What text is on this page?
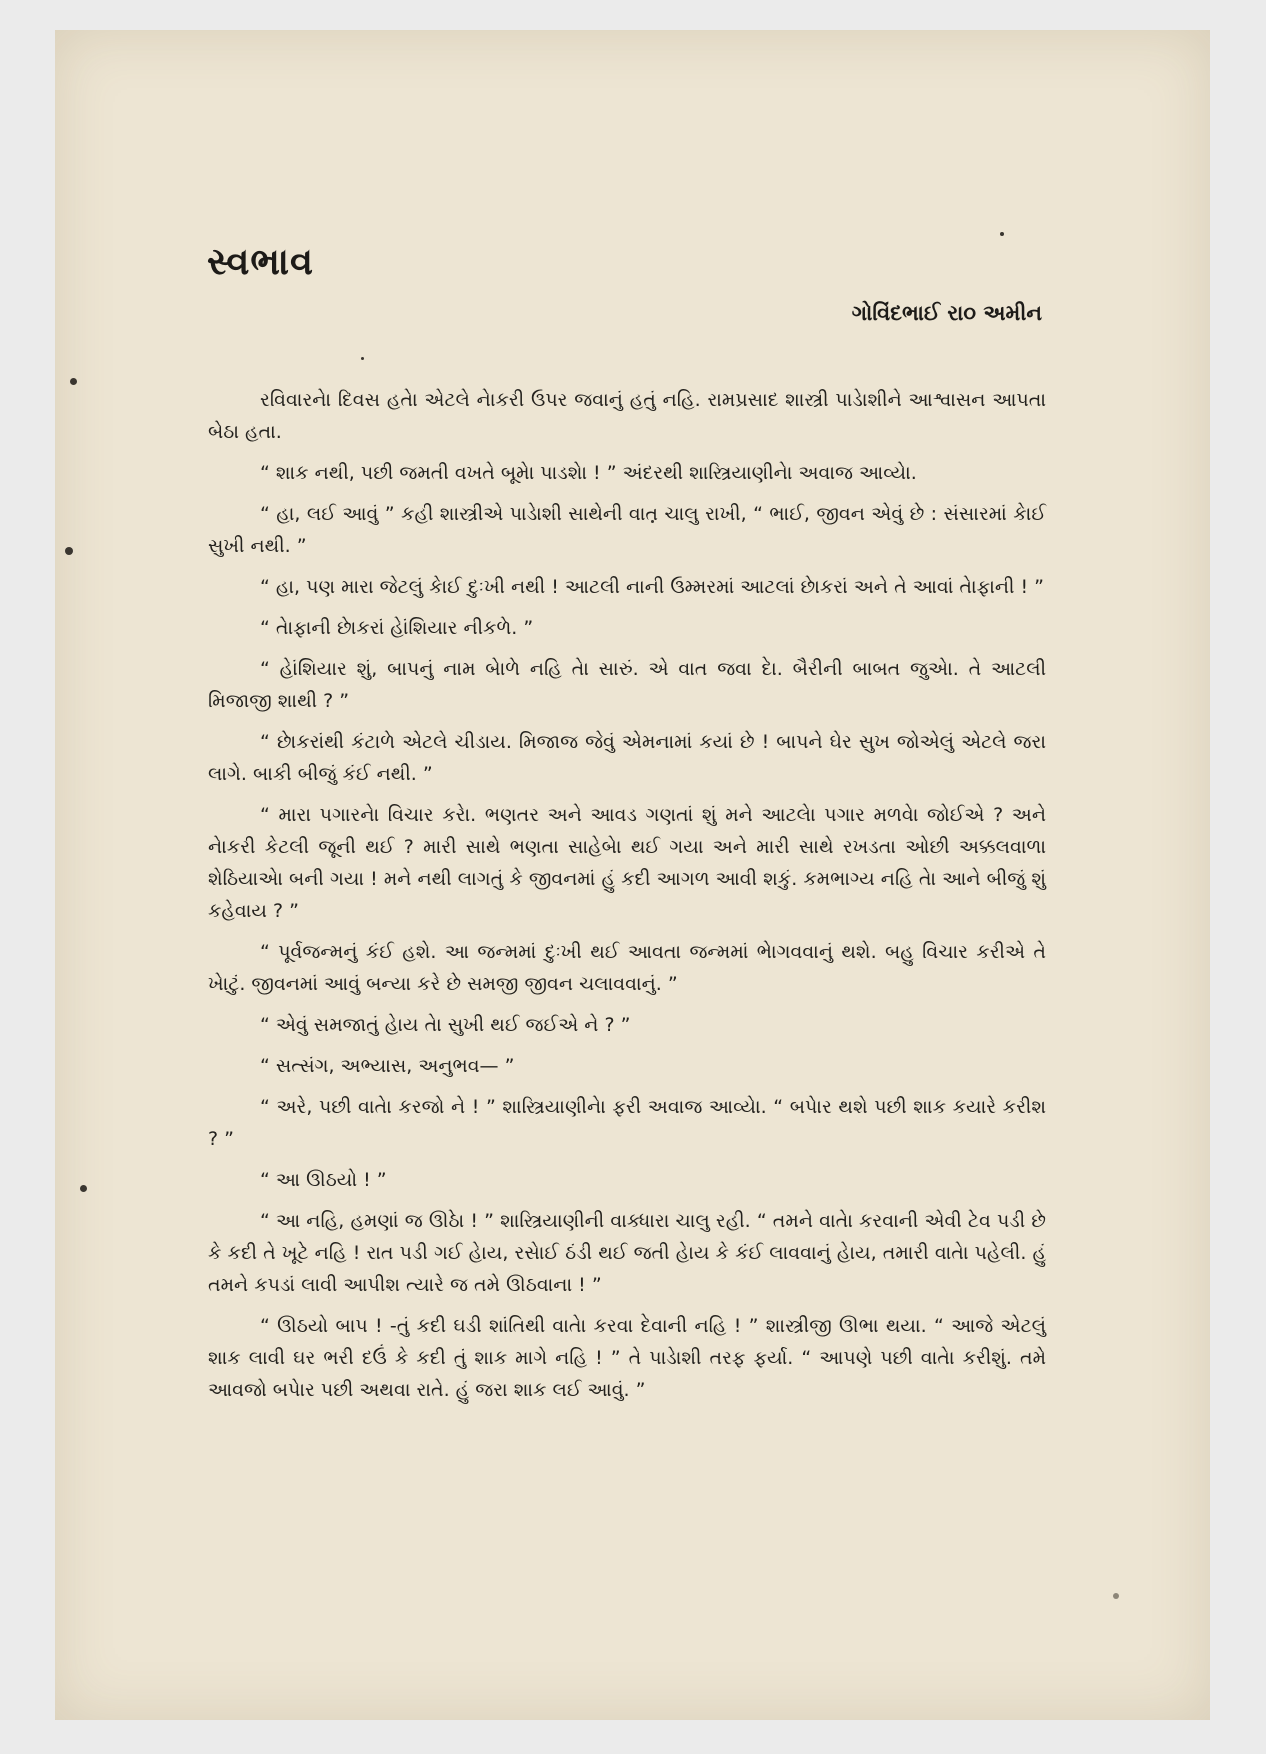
સ્વભાવ

ગોવિંદભાઈ રા૦ અમીન

રવિવારનેા દિવસ હતેા એટલે નેાકરી ઉપર જવાનું હતું નહિ. રામપ્રસાદ શાસ્ત્રી પાડેાશીને આશ્વાસન આપતા બેઠા હતા.

“ શાક નથી, પછી જમતી વખતે બૂમેા પાડશેા ! ” અંદરથી શાસ્ત્રિયાણીનેા અવાજ આવ્યેા.

“ હા, લઈ આવું ” કહી શાસ્ત્રીએ પાડેાશી સાથેની વાત ચાલુ રાખી, “ ભાઈ, જીવન એવું છે : સંસારમાં કેાઈ સુખી નથી. ”

“ હા, પણ મારા જેટલું કેાઈ દુઃખી નથી ! આટલી નાની ઉમ્મરમાં આટલાં છેાકરાં અને તે આવાં તેાફાની ! ”

“ તેાફાની છેાકરાં હેાંશિયાર નીકળે. ”

“ હેાંશિયાર શું, બાપનું નામ બેાળે નહિ તેા સારું. એ વાત જવા દેા. બૈરીની બાબત જુએા. તે આટલી મિજાજી શાથી ? ”

“ છેાકરાંથી કંટાળે એટલે ચીડાય. મિજાજ જેવું એમનામાં કયાં છે ! બાપને ઘેર સુખ જોએલું એટલે જરા લાગે. બાકી બીજું કંઈ નથી. ”

“ મારા પગારનેા વિચાર કરેા. ભણતર અને આવડ ગણતાં શું મને આટલેા પગાર મળવેા જોઈએ ? અને નેાકરી કેટલી જૂની થઈ ? મારી સાથે ભણતા સાહેબેા થઈ ગયા અને મારી સાથે રખડતા ઓછી અક્કલવાળા શેઠિયાએા બની ગયા ! મને નથી લાગતું કે જીવનમાં હું કદી આગળ આવી શકું. કમભાગ્ય નહિ તેા આને બીજું શું કહેવાય ? ”

“ પૂર્વજન્મનું કંઈ હશે. આ જન્મમાં દુઃખી થઈ આવતા જન્મમાં ભેાગવવાનું થશે. બહુ વિચાર કરીએ તે ખેાટું. જીવનમાં આવું બન્યા કરે છે સમજી જીવન ચલાવવાનું. ”

“ એવું સમજાતું હેાય તેા સુખી થઈ જઈએ ને ? ”

“ સત્સંગ, અભ્યાસ, અનુભવ— ”

“ અરે, પછી વાતેા કરજો ને ! ” શાસ્ત્રિયાણીનેા ફરી અવાજ આવ્યેા. “ બપેાર થશે પછી શાક કયારે કરીશ ? ”

“ આ ઊઠયો ! ”

“ આ નહિ, હમણાં જ ઊઠેા ! ” શાસ્ત્રિયાણીની વાક્ધારા ચાલુ રહી. “ તમને વાતેા કરવાની એવી ટેવ પડી છે કે કદી તે ખૂટે નહિ ! રાત પડી ગઈ હેાય, રસેાઈ ઠંડી થઈ જતી હેાય કે કંઈ લાવવાનું હેાય, તમારી વાતેા પહેલી. હું તમને કપડાં લાવી આપીશ ત્યારે જ તમે ઊઠવાના ! ”

“ ઊઠયો બાપ ! -તું કદી ઘડી શાંતિથી વાતેા કરવા દેવાની નહિ ! ” શાસ્ત્રીજી ઊભા થયા. “ આજે એટલું શાક લાવી ઘર ભરી દઉં કે કદી તું શાક માગે નહિ ! ” તે પાડેાશી તરફ ફર્યા. “ આપણે પછી વાતેા કરીશું. તમે આવજો બપેાર પછી અથવા રાતે. હું જરા શાક લઈ આવું. ”
